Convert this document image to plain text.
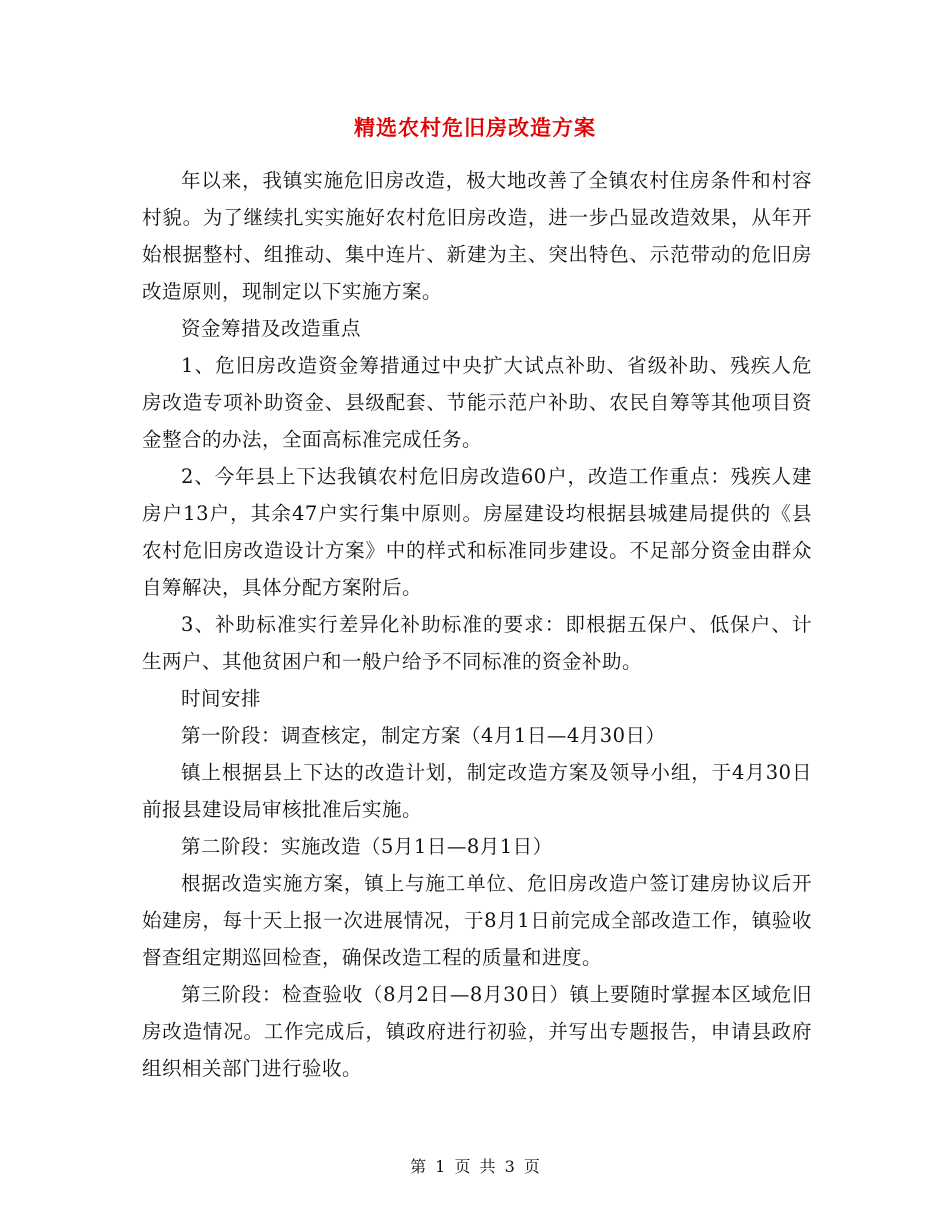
精选农村危旧房改造方案

年以来，我镇实施危旧房改造，极大地改善了全镇农村住房条件和村容村貌。为了继续扎实实施好农村危旧房改造，进一步凸显改造效果，从年开始根据整村、组推动、集中连片、新建为主、突出特色、示范带动的危旧房改造原则，现制定以下实施方案。

资金筹措及改造重点

1、危旧房改造资金筹措通过中央扩大试点补助、省级补助、残疾人危房改造专项补助资金、县级配套、节能示范户补助、农民自筹等其他项目资金整合的办法，全面高标准完成任务。

2、今年县上下达我镇农村危旧房改造60户，改造工作重点：残疾人建房户13户，其余47户实行集中原则。房屋建设均根据县城建局提供的《县农村危旧房改造设计方案》中的样式和标准同步建设。不足部分资金由群众自筹解决，具体分配方案附后。

3、补助标准实行差异化补助标准的要求：即根据五保户、低保户、计生两户、其他贫困户和一般户给予不同标准的资金补助。

时间安排

第一阶段：调查核定，制定方案（4月1日—4月30日）

镇上根据县上下达的改造计划，制定改造方案及领导小组，于4月30日前报县建设局审核批准后实施。

第二阶段：实施改造（5月1日—8月1日）

根据改造实施方案，镇上与施工单位、危旧房改造户签订建房协议后开始建房，每十天上报一次进展情况，于8月1日前完成全部改造工作，镇验收督查组定期巡回检查，确保改造工程的质量和进度。

第三阶段：检查验收（8月2日—8月30日）镇上要随时掌握本区域危旧房改造情况。工作完成后，镇政府进行初验，并写出专题报告，申请县政府组织相关部门进行验收。

第 1 页 共 3 页
